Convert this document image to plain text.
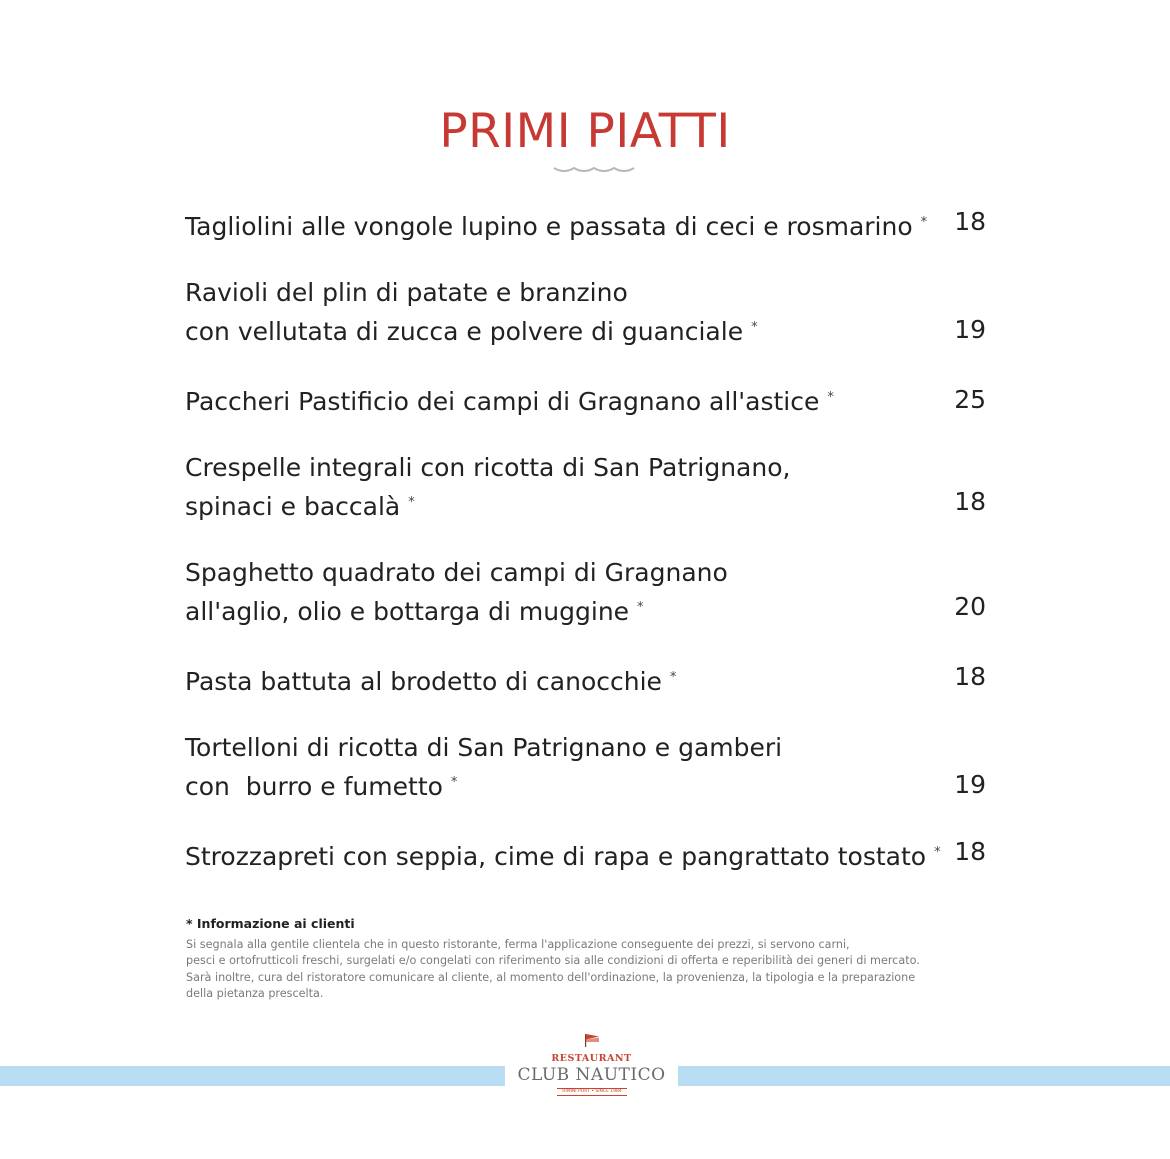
PRIMI PIATTI
Tagliolini alle vongole lupino e passata di ceci e rosmarino *	18
Ravioli del plin di patate e branzino
con vellutata di zucca e polvere di guanciale *	19
Paccheri Pastificio dei campi di Gragnano all'astice *	25
Crespelle integrali con ricotta di San Patrignano,
spinaci e baccalà *	18
Spaghetto quadrato dei campi di Gragnano
all'aglio, olio e bottarga di muggine *	20
Pasta battuta al brodetto di canocchie *	18
Tortelloni di ricotta di San Patrignano e gamberi
con  burro e fumetto *	19
Strozzapreti con seppia, cime di rapa e pangrattato tostato * 18
* Informazione ai clienti
Si segnala alla gentile clientela che in questo ristorante, ferma l'applicazione conseguente dei prezzi, si servono carni,
pesci e ortofrutticoli freschi, surgelati e/o congelati con riferimento sia alle condizioni di offerta e reperibilità dei generi di mercato.
Sarà inoltre, cura del ristoratore comunicare al cliente, al momento dell'ordinazione, la provenienza, la tipologia e la preparazione
della pietanza prescelta.
RESTAURANT
CLUB NAUTICO
RIMINI PORT • SINCE 1984
